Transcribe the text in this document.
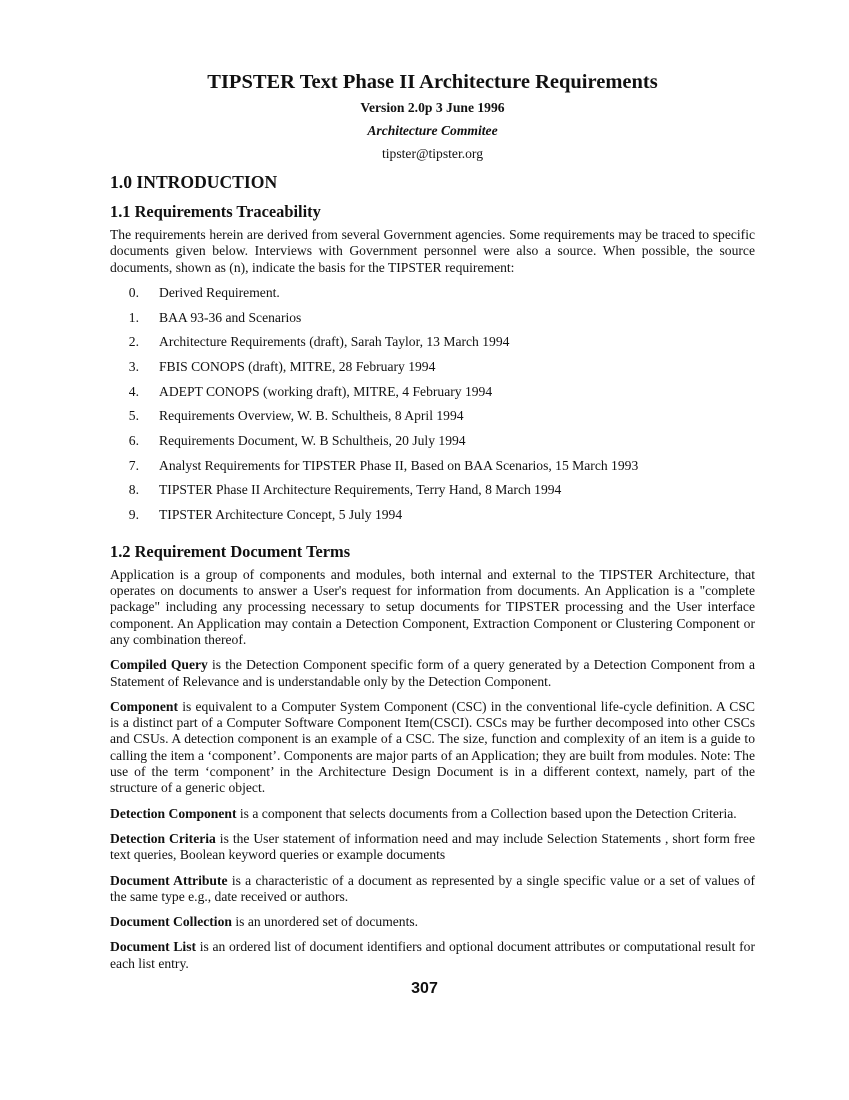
TIPSTER Text Phase II Architecture Requirements
Version 2.0p 3 June 1996
Architecture Commitee
tipster@tipster.org
1.0 INTRODUCTION
1.1 Requirements Traceability

The requirements herein are derived from several Government agencies. Some requirements may be traced to specific documents given below. Interviews with Government personnel were also a source. When possible, the source documents, shown as (n), indicate the basis for the TIPSTER requirement:

0. Derived Requirement.
1. BAA 93-36 and Scenarios
2. Architecture Requirements (draft), Sarah Taylor, 13 March 1994
3. FBIS CONOPS (draft), MITRE, 28 February 1994
4. ADEPT CONOPS (working draft), MITRE, 4 February 1994
5. Requirements Overview, W. B. Schultheis, 8 April 1994
6. Requirements Document, W. B Schultheis, 20 July 1994
7. Analyst Requirements for TIPSTER Phase II, Based on BAA Scenarios, 15 March 1993
8. TIPSTER Phase II Architecture Requirements, Terry Hand, 8 March 1994
9. TIPSTER Architecture Concept, 5 July 1994
1.2 Requirement Document Terms

Application is a group of components and modules, both internal and external to the TIPSTER Architecture, that operates on documents to answer a User's request for information from documents. An Application is a "complete package" including any processing necessary to setup documents for TIPSTER processing and the User interface component. An Application may contain a Detection Component, Extraction Component or Clustering Component or any combination thereof.

Compiled Query is the Detection Component specific form of a query generated by a Detection Component from a Statement of Relevance and is understandable only by the Detection Component.

Component is equivalent to a Computer System Component (CSC) in the conventional life-cycle definition. A CSC is a distinct part of a Computer Software Component Item(CSCI). CSCs may be further decomposed into other CSCs and CSUs. A detection component is an example of a CSC. The size, function and complexity of an item is a guide to calling the item a ‘component’. Components are major parts of an Application; they are built from modules. Note: The use of the term ‘component’ in the Architecture Design Document is in a different context, namely, part of the structure of a generic object.

Detection Component is a component that selects documents from a Collection based upon the Detection Criteria.

Detection Criteria is the User statement of information need and may include Selection Statements , short form free text queries, Boolean keyword queries or example documents

Document Attribute is a characteristic of a document as represented by a single specific value or a set of values of the same type e.g., date received or authors.

Document Collection is an unordered set of documents.

Document List is an ordered list of document identifiers and optional document attributes or computational result for each list entry.

307
